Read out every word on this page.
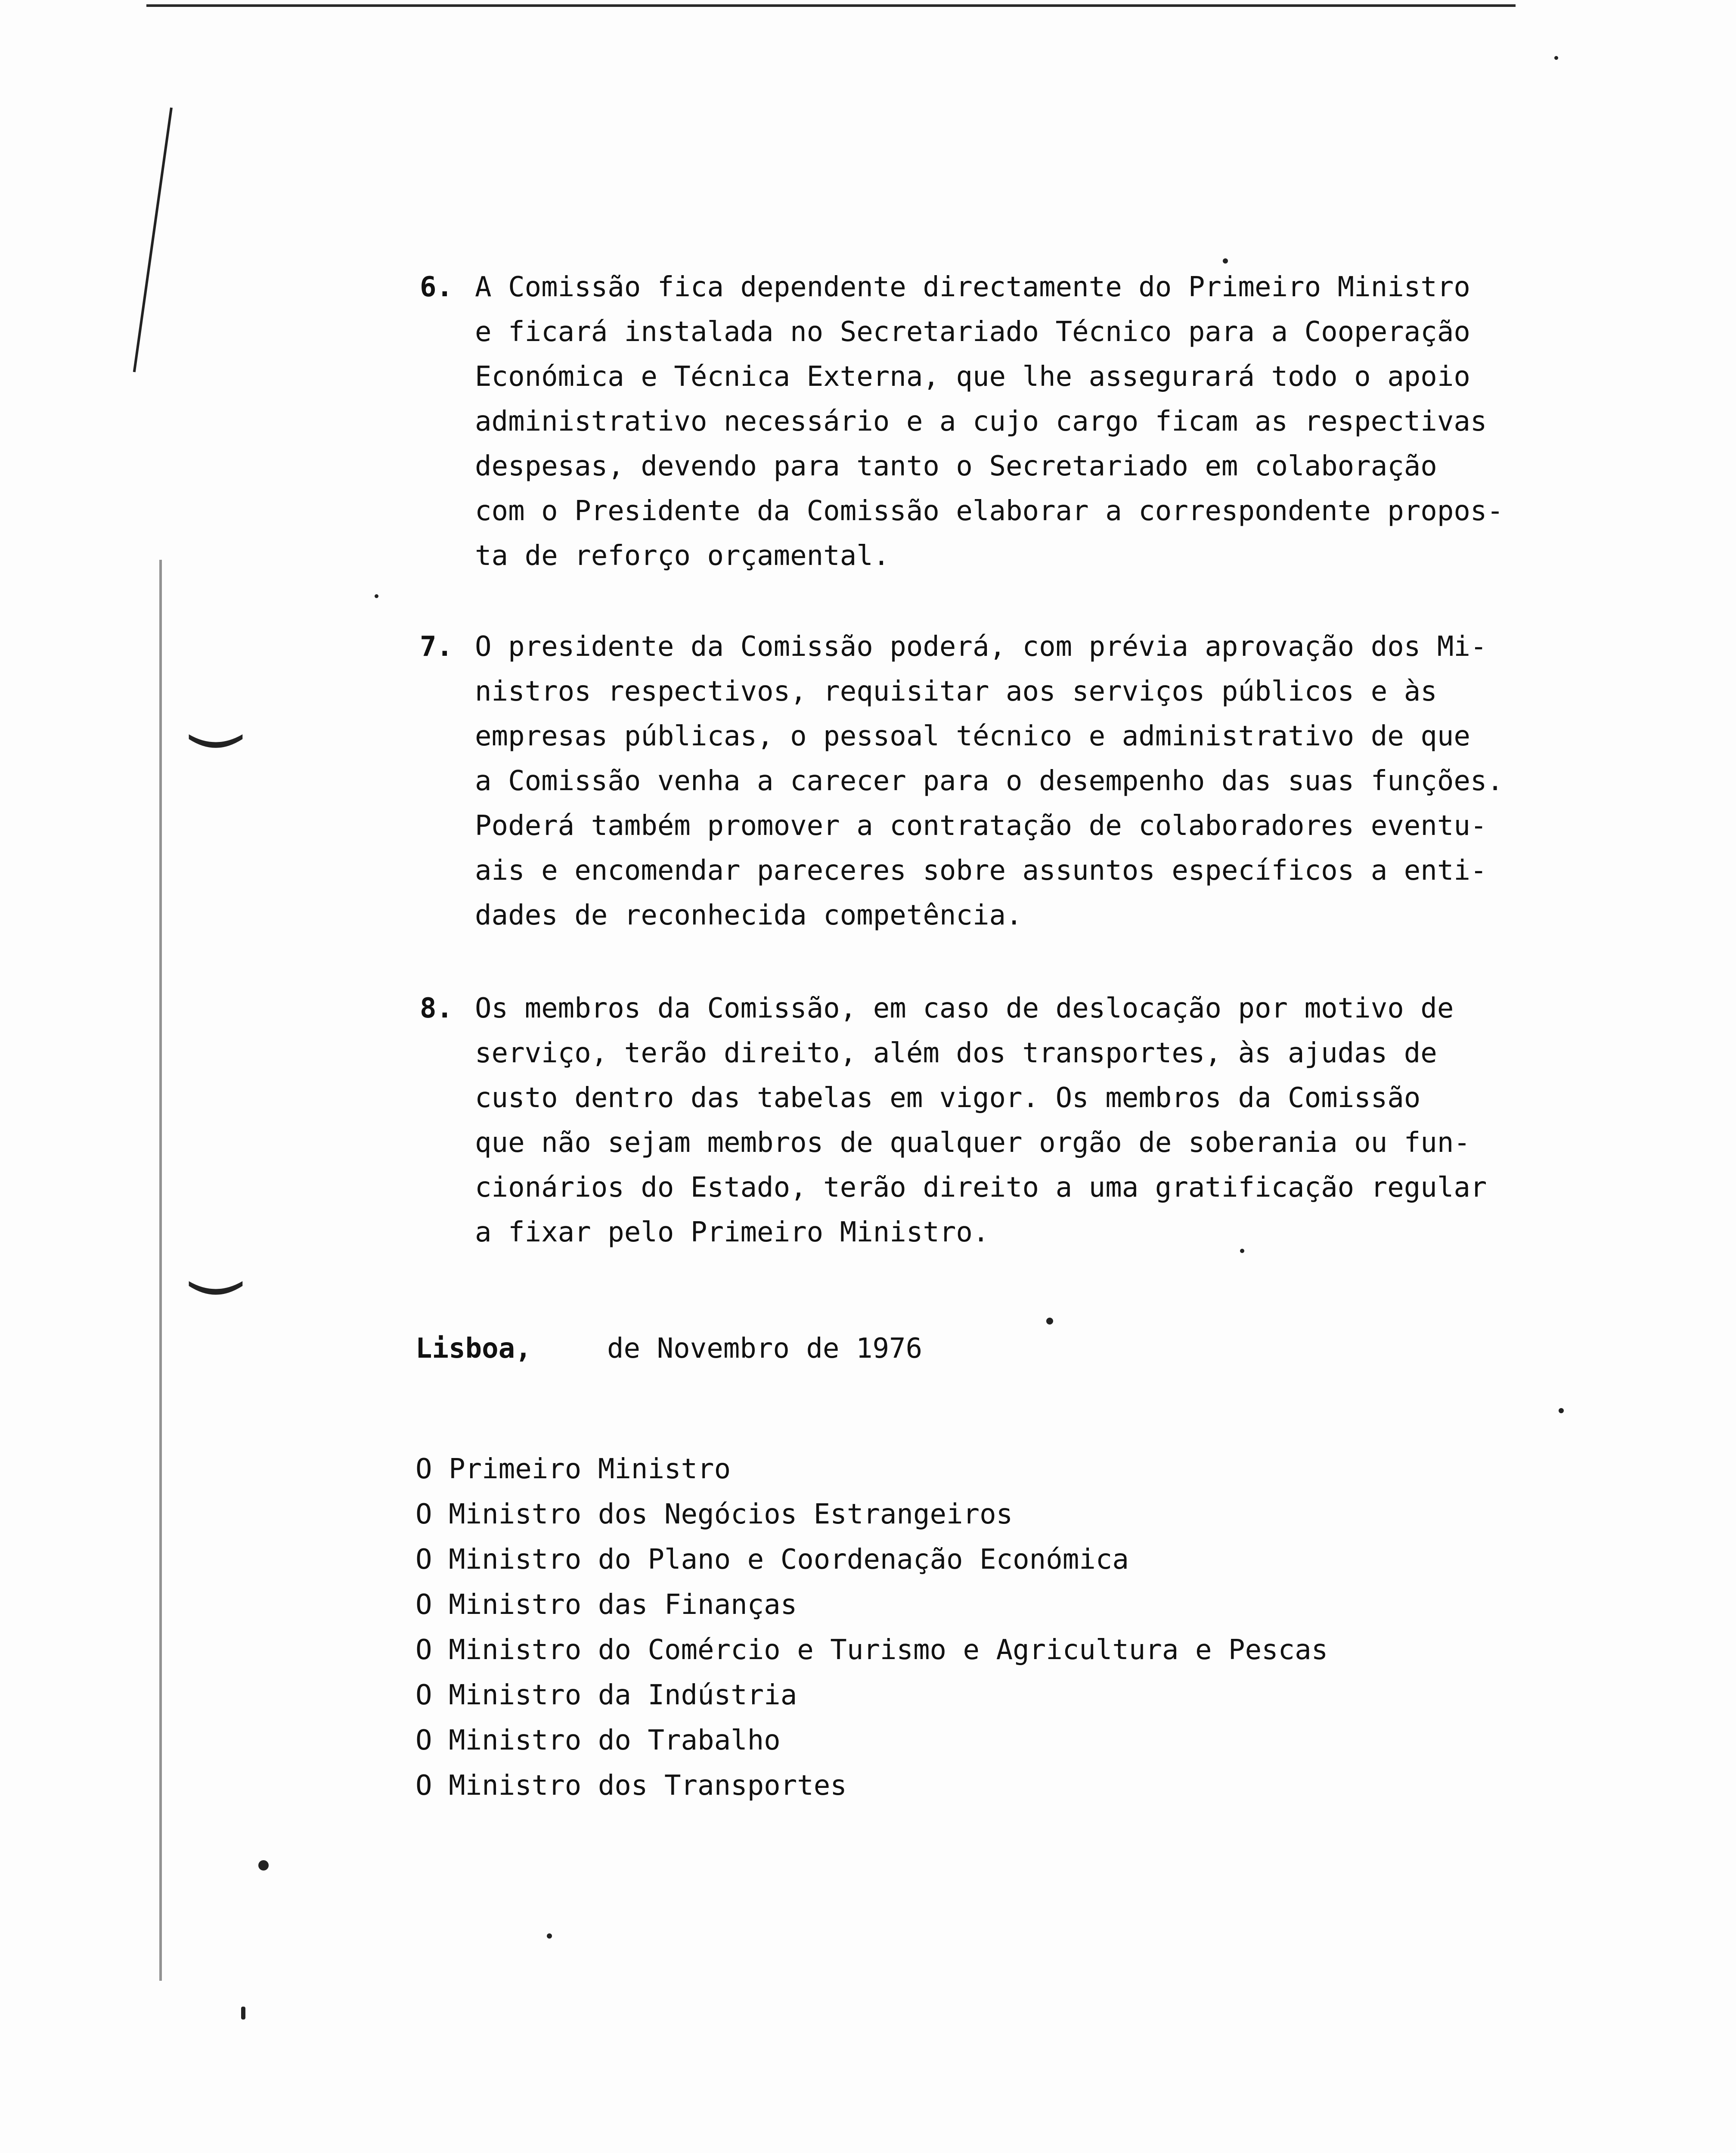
(
(
6. A Comissão fica dependente directamente do Primeiro Ministro
e ficará instalada no Secretariado Técnico para a Cooperação
Económica e Técnica Externa, que lhe assegurará todo o apoio
administrativo necessário e a cujo cargo ficam as respectivas
despesas, devendo para tanto o Secretariado em colaboração
com o Presidente da Comissão elaborar a correspondente propos-
ta de reforço orçamental.
7. O presidente da Comissão poderá, com prévia aprovação dos Mi-
nistros respectivos, requisitar aos serviços públicos e às
empresas públicas, o pessoal técnico e administrativo de que
a Comissão venha a carecer para o desempenho das suas funções.
Poderá também promover a contratação de colaboradores eventu-
ais e encomendar pareceres sobre assuntos específicos a enti-
dades de reconhecida competência.
8. Os membros da Comissão, em caso de deslocação por motivo de
serviço, terão direito, além dos transportes, às ajudas de
custo dentro das tabelas em vigor. Os membros da Comissão
que não sejam membros de qualquer orgão de soberania ou fun-
cionários do Estado, terão direito a uma gratificação regular
a fixar pelo Primeiro Ministro.
Lisboa,	de Novembro de 1976
O Primeiro Ministro
O Ministro dos Negócios Estrangeiros
O Ministro do Plano e Coordenação Económica
O Ministro das Finanças
O Ministro do Comércio e Turismo e Agricultura e Pescas
O Ministro da Indústria
O Ministro do Trabalho
O Ministro dos Transportes
